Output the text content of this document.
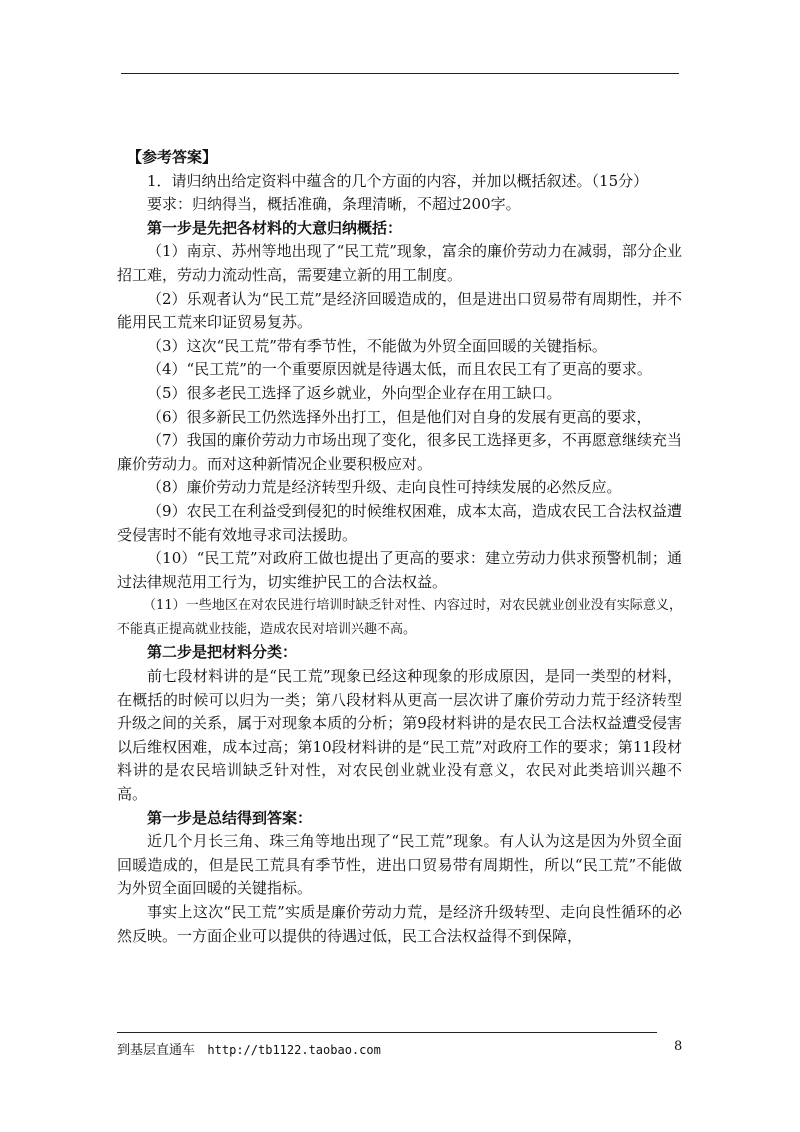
【参考答案】

1．请归纳出给定资料中蕴含的几个方面的内容，并加以概括叙述。（15分）

要求：归纳得当，概括准确，条理清晰，不超过200字。

第一步是先把各材料的大意归纳概括：

（1）南京、苏州等地出现了“民工荒”现象，富余的廉价劳动力在减弱，部分企业招工难，劳动力流动性高，需要建立新的用工制度。

（2）乐观者认为“民工荒”是经济回暖造成的，但是进出口贸易带有周期性，并不能用民工荒来印证贸易复苏。

（3）这次“民工荒”带有季节性，不能做为外贸全面回暖的关键指标。

（4）“民工荒”的一个重要原因就是待遇太低，而且农民工有了更高的要求。

（5）很多老民工选择了返乡就业，外向型企业存在用工缺口。

（6）很多新民工仍然选择外出打工，但是他们对自身的发展有更高的要求，

（7）我国的廉价劳动力市场出现了变化，很多民工选择更多，不再愿意继续充当廉价劳动力。而对这种新情况企业要积极应对。

（8）廉价劳动力荒是经济转型升级、走向良性可持续发展的必然反应。

（9）农民工在利益受到侵犯的时候维权困难，成本太高，造成农民工合法权益遭受侵害时不能有效地寻求司法援助。

（10）“民工荒”对政府工做也提出了更高的要求：建立劳动力供求预警机制；通过法律规范用工行为，切实维护民工的合法权益。

（11）一些地区在对农民进行培训时缺乏针对性、内容过时，对农民就业创业没有实际意义，不能真正提高就业技能，造成农民对培训兴趣不高。

第二步是把材料分类：

前七段材料讲的是“民工荒”现象已经这种现象的形成原因，是同一类型的材料，在概括的时候可以归为一类；第八段材料从更高一层次讲了廉价劳动力荒于经济转型升级之间的关系，属于对现象本质的分析；第9段材料讲的是农民工合法权益遭受侵害以后维权困难，成本过高；第10段材料讲的是“民工荒”对政府工作的要求；第11段材料讲的是农民培训缺乏针对性，对农民创业就业没有意义，农民对此类培训兴趣不高。

第一步是总结得到答案：

近几个月长三角、珠三角等地出现了“民工荒”现象。有人认为这是因为外贸全面回暖造成的，但是民工荒具有季节性，进出口贸易带有周期性，所以“民工荒”不能做为外贸全面回暖的关键指标。

事实上这次“民工荒”实质是廉价劳动力荒，是经济升级转型、走向良性循环的必然反映。一方面企业可以提供的待遇过低，民工合法权益得不到保障，

到基层直通车 http://tb1122.taobao.com	8
